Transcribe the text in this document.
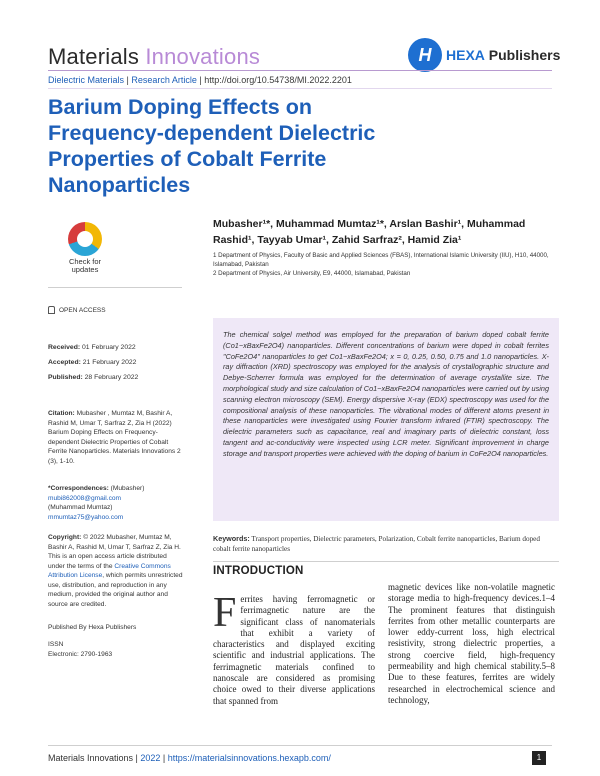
Materials Innovations	H	HEXA Publishers
Dielectric Materials | Research Article | http://doi.org/10.54738/MI.2022.2201
Barium Doping Effects on Frequency-dependent Dielectric Properties of Cobalt Ferrite Nanoparticles
Check for
updates
Mubasher¹*, Muhammad Mumtaz¹*, Arslan Bashir¹, Muhammad Rashid¹, Tayyab Umar¹, Zahid Sarfraz², Hamid Zia¹
1 Department of Physics, Faculty of Basic and Applied Sciences (FBAS), International Islamic University (IIU), H10, 44000, Islamabad, Pakistan
2 Department of Physics, Air University, E9, 44000, Islamabad, Pakistan
OPEN ACCESS
Received: 01 February 2022
Accepted: 21 February 2022
Published: 28 February 2022
Citation: Mubasher , Mumtaz M, Bashir A, Rashid M, Umar T, Sarfraz Z, Zia H (2022) Barium Doping Effects on Frequency-dependent Dielectric Properties of Cobalt Ferrite Nanoparticles. Materials Innovations 2 (3), 1-10.
*Correspondences: (Mubasher)
mubi862008@gmail.com
(Muhammad Mumtaz)
mmumtaz75@yahoo.com
Copyright: © 2022 Mubasher, Mumtaz M, Bashir A, Rashid M, Umar T, Sarfraz Z, Zia H. This is an open access article distributed under the terms of the Creative Commons Attribution License, which permits unrestricted use, distribution, and reproduction in any medium, provided the original author and source are credited.
Published By Hexa Publishers
ISSN
Electronic: 2790-1963
The chemical solgel method was employed for the preparation of barium doped cobalt ferrite (Co1−xBaxFe2O4) nanoparticles. Different concentrations of barium were doped in cobalt ferrites "CoFe2O4" nanoparticles to get Co1−xBaxFe2O4; x = 0, 0.25, 0.50, 0.75 and 1.0 nanoparticles. X-ray diffraction (XRD) spectroscopy was employed for the analysis of crystallographic structure and Debye-Scherrer formula was employed for the determination of average crystallite size. The morphological study and size calculation of Co1−xBaxFe2O4 nanoparticles were carried out by using scanning electron microscopy (SEM). Energy dispersive X-ray (EDX) spectroscopy was used for the compositional analysis of these nanoparticles. The vibrational modes of different atoms present in these nanoparticles were investigated using Fourier transform infrared (FTIR) spectroscopy. The dielectric parameters such as capacitance, real and imaginary parts of dielectric constant, loss tangent and ac-conductivity were inspected using LCR meter. Significant improvement in charge storage and transport properties were achieved with the doping of barium in CoFe2O4 nanoparticles.
Keywords: Transport properties, Dielectric parameters, Polarization, Cobalt ferrite nanoparticles, Barium doped cobalt ferrite nanoparticles
INTRODUCTION
Ferrites having ferromagnetic or ferrimagnetic nature are the significant class of nanomaterials that exhibit a variety of characteristics and displayed exciting scientific and industrial applications. The ferrimagnetic materials confined to nanoscale are considered as promising choice owed to their diverse applications that spanned from
magnetic devices like non-volatile magnetic storage media to high-frequency devices.1–4 The prominent features that distinguish ferrites from other metallic counterparts are lower eddy-current loss, high electrical resistivity, strong dielectric properties, a strong coercive field, high-frequency permeability and high chemical stability.5–8 Due to these features, ferrites are widely researched in electrochemical science and technology,
Materials Innovations | 2022 | https://materialsinnovations.hexapb.com/	1
